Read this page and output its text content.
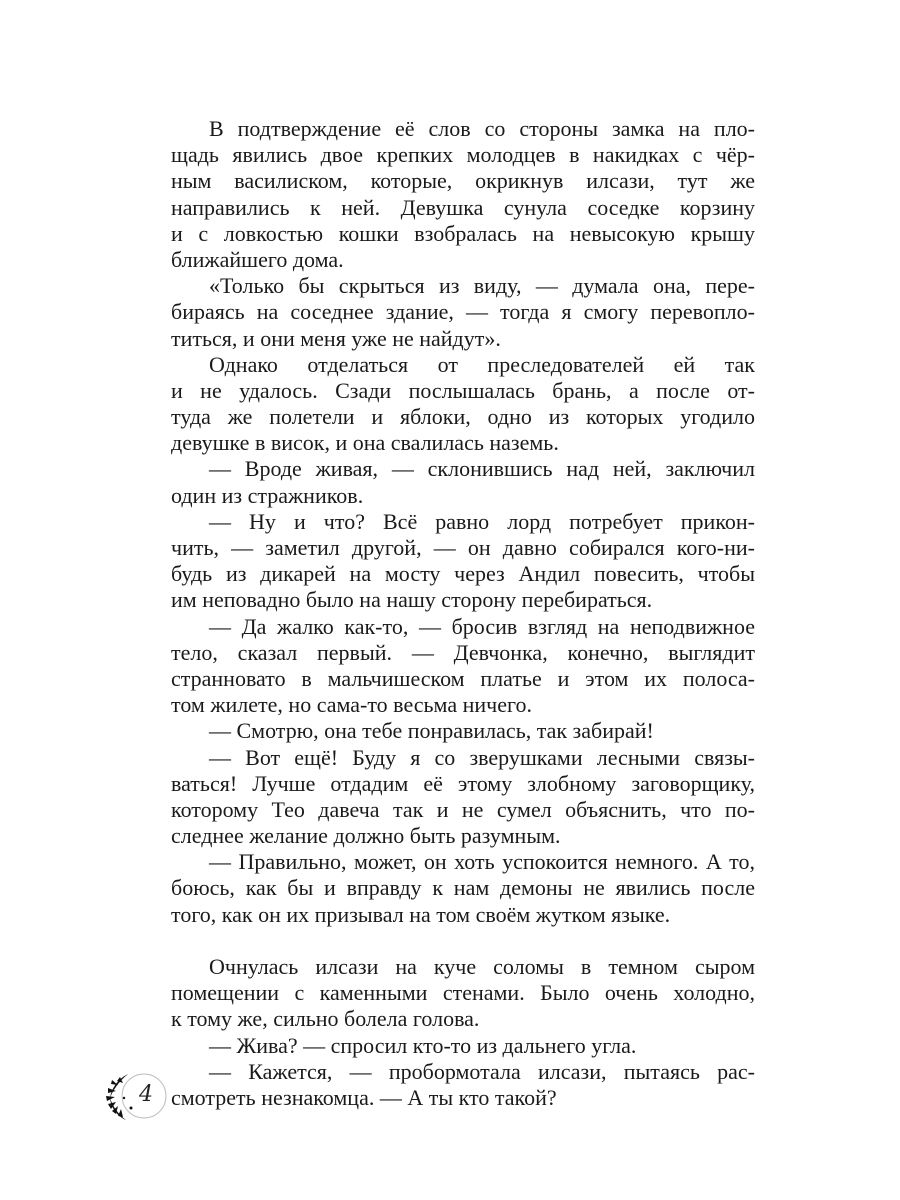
В подтверждение её слов со стороны замка на пло-
щадь явились двое крепких молодцев в накидках с чёр-
ным василиском, которые, окрикнув илсази, тут же
направились к ней. Девушка сунула соседке корзину
и с ловкостью кошки взобралась на невысокую крышу
ближайшего дома.
«Только бы скрыться из виду, — думала она, пере-
бираясь на соседнее здание, — тогда я смогу перевопло-
титься, и они меня уже не найдут».
Однако отделаться от преследователей ей так
и не удалось. Сзади послышалась брань, а после от-
туда же полетели и яблоки, одно из которых угодило
девушке в висок, и она свалилась наземь.
— Вроде живая, — склонившись над ней, заключил
один из стражников.
— Ну и что? Всё равно лорд потребует прикон-
чить, — заметил другой, — он давно собирался кого-ни-
будь из дикарей на мосту через Андил повесить, чтобы
им неповадно было на нашу сторону перебираться.
— Да жалко как-то, — бросив взгляд на неподвижное
тело, сказал первый. — Девчонка, конечно, выглядит
странновато в мальчишеском платье и этом их полоса-
том жилете, но сама-то весьма ничего.
— Смотрю, она тебе понравилась, так забирай!
— Вот ещё! Буду я со зверушками лесными связы-
ваться! Лучше отдадим её этому злобному заговорщику,
которому Тео давеча так и не сумел объяснить, что по-
следнее желание должно быть разумным.
— Правильно, может, он хоть успокоится немного. А то,
боюсь, как бы и вправду к нам демоны не явились после
того, как он их призывал на том своём жутком языке.
Очнулась илсази на куче соломы в темном сыром
помещении с каменными стенами. Было очень холодно,
к тому же, сильно болела голова.
— Жива? — спросил кто-то из дальнего угла.
— Кажется, — пробормотала илсази, пытаясь рас-
смотреть незнакомца. — А ты кто такой?
4
